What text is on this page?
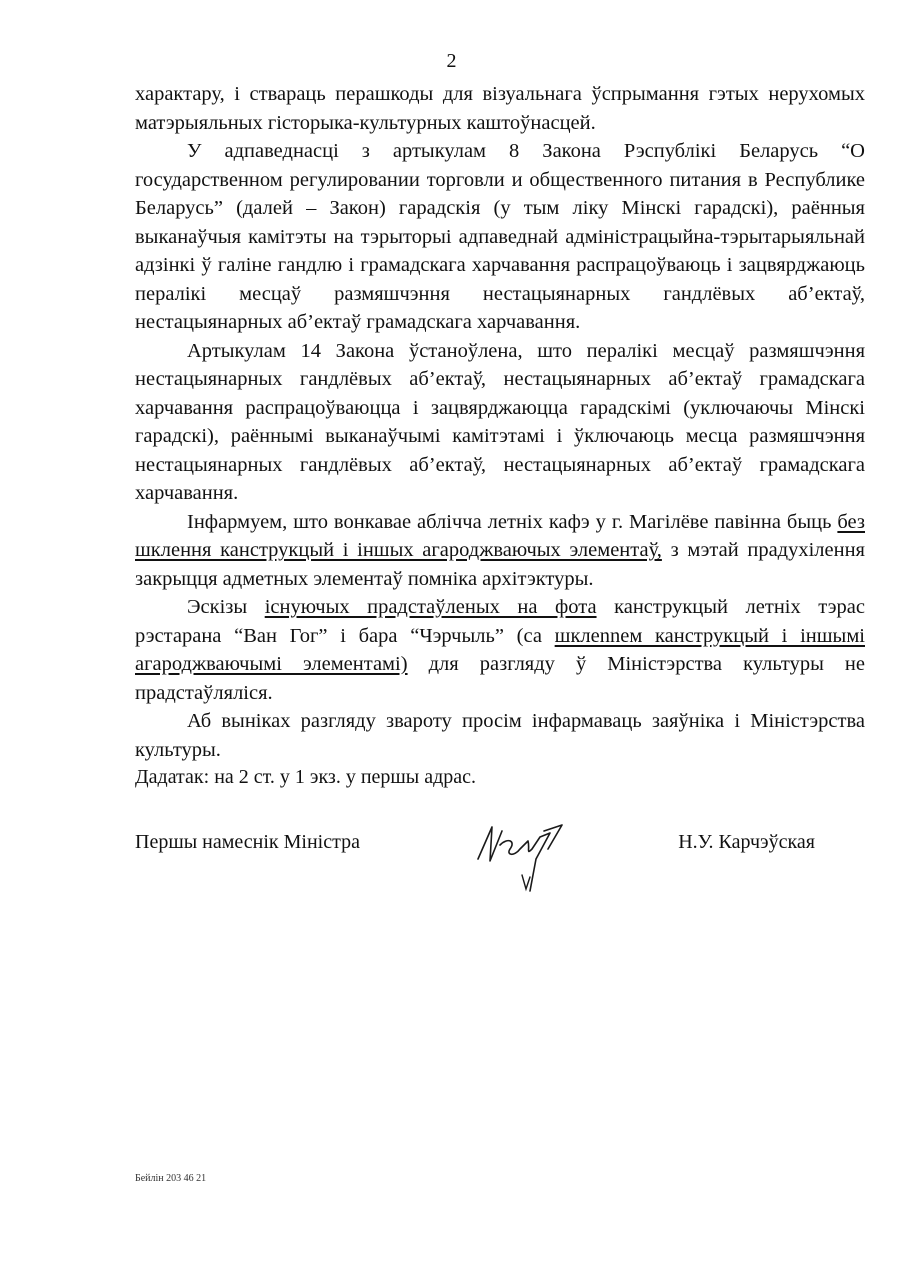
2

характару, і ствараць перашкоды для візуальнага ўспрымання гэтых нерухомых матэрыяльных гісторыка-культурных каштоўнасцей.

У адпаведнасці з артыкулам 8 Закона Рэспублікі Беларусь “О государственном регулировании торговли и общественного питания в Республике Беларусь” (далей – Закон) гарадскія (у тым ліку Мінскі гарадскі), раённыя выканаўчыя камітэты на тэрыторыі адпаведнай адміністрацыйна-тэрытарыяльнай адзінкі ў галіне гандлю і грамадскага харчавання распрацоўваюць і зацвярджаюць пералікі месцаў размяшчэння нестацыянарных гандлёвых аб’ектаў, нестацыянарных аб’ектаў грамадскага харчавання.

Артыкулам 14 Закона ўстаноўлена, што пералікі месцаў размяшчэння нестацыянарных гандлёвых аб’ектаў, нестацыянарных аб’ектаў грамадскага харчавання распрацоўваюцца і зацвярджаюцца гарадскімі (уключаючы Мінскі гарадскі), раённымі выканаўчымі камітэтамі і ўключаюць месца размяшчэння нестацыянарных гандлёвых аб’ектаў, нестацыянарных аб’ектаў грамадскага харчавання.

Інфармуем, што вонкавае аблічча летніх кафэ у г. Магілёве павінна быць без шклення канструкцый і іншых агароджваючых элементаў, з мэтай прадухілення закрыцця адметных элементаў помніка архітэктуры.

Эскізы існуючых прадстаўленых на фота канструкцый летніх тэрас рэстарана “Ван Гог” і бара “Чэрчыль” (са шклennем канструкцый і іншымі агароджваючымі элементамі) для разгляду ў Міністэрства культуры не прадстаўляліся.

Аб выніках разгляду звароту просім інфармаваць заяўніка і Міністэрства культуры.

Дадатак: на 2 ст. у 1 экз. у першы адрас.
Першы намеснік Міністра	Н.У. Карчэўская
Бейлін 203 46 21
